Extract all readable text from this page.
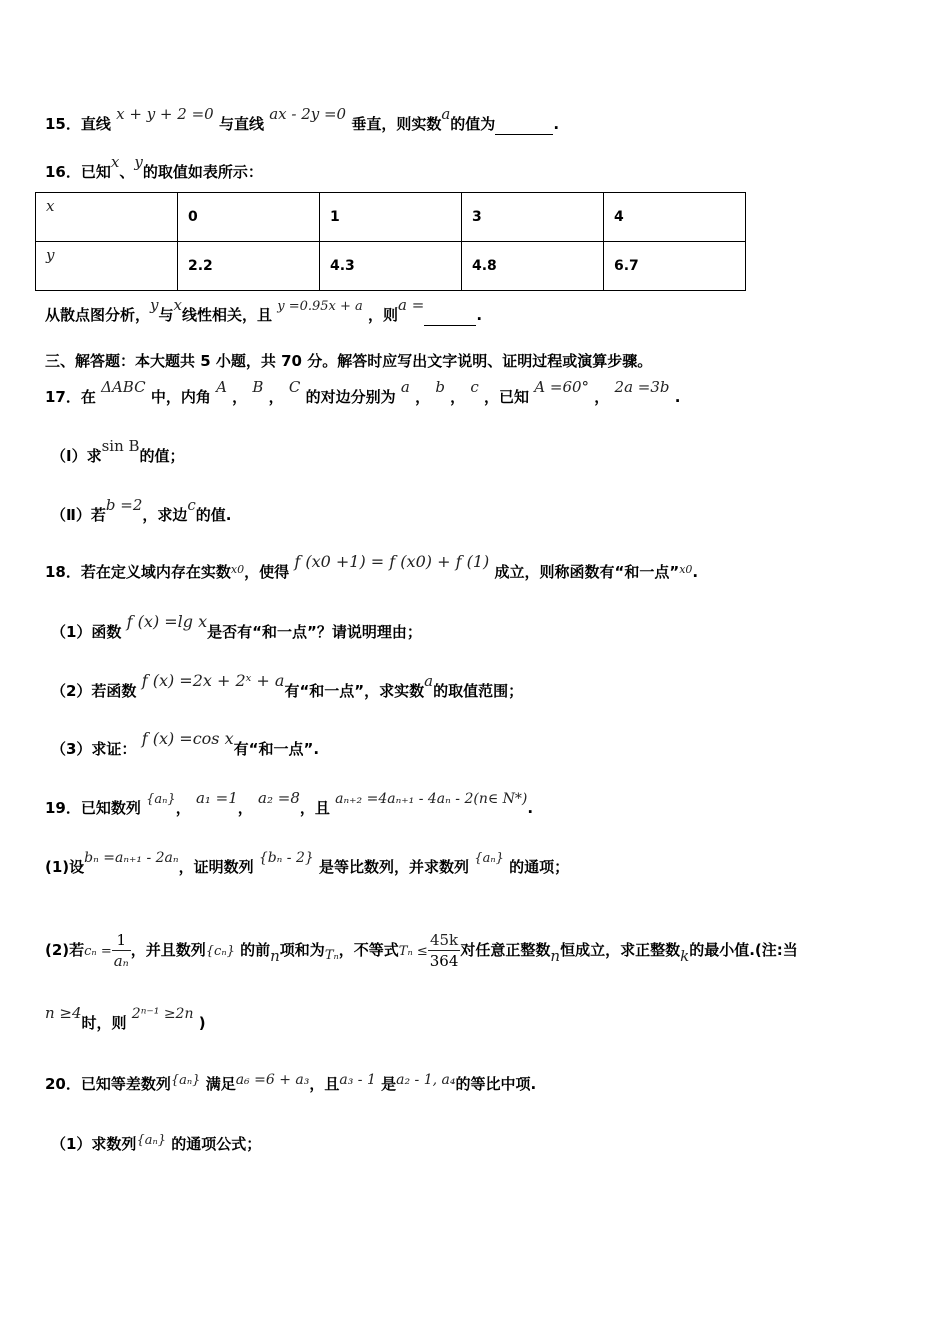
15．直线 x + y + 2 =0 与直线 ax - 2y =0 垂直，则实数a的值为	.
16．已知x、y的取值如表所示：
x	0	1	3	4
y	2.2	4.3	4.8	6.7
从散点图分析，y与x线性相关，且 y =0.95x + a ，则a = .
三、解答题：本大题共 5 小题，共 70 分。解答时应写出文字说明、证明过程或演算步骤。
17．在 ΔABC 中，内角 A ， B ， C 的对边分别为 a ， b ， c ，已知 A =60° ， 2a =3b .
（Ⅰ）求sin B的值；
（Ⅱ）若b =2，求边c的值.
18．若在定义域内存在实数$^{x0}$，使得 f (x0 +1) = f (x0) + f (1) 成立，则称函数有“和一点”$^{x0}$.
（1）函数 f (x) =lg x是否有“和一点”？请说明理由；
（2）若函数 f (x) =2x + 2ˣ + a有“和一点”，求实数a的取值范围；
（3）求证： f (x) =cos x有“和一点”.
19．已知数列 {aₙ}， a₁ =1， a₂ =8，且 aₙ₊₂ =4aₙ₊₁ - 4aₙ - 2(n∈ N*).
(1)设bₙ =aₙ₊₁ - 2aₙ，证明数列 {bₙ - 2} 是等比数列，并求数列 {aₙ} 的通项；
(2)若$c_n = \frac{1}{\text{aₙ}}$ ，并且数列{cₙ} 的前n项和为Tₙ，不等式$T_n \le \frac{45k}{364}$ 对任意正整数n恒成立，求正整数k的最小值.(注:当
n ≥4时，则 2ⁿ⁻¹ ≥2n )
20．已知等差数列{aₙ} 满足a₆ =6 + a₃，且a₃ - 1 是a₂ - 1, a₄的等比中项.
（1）求数列{aₙ} 的通项公式；
